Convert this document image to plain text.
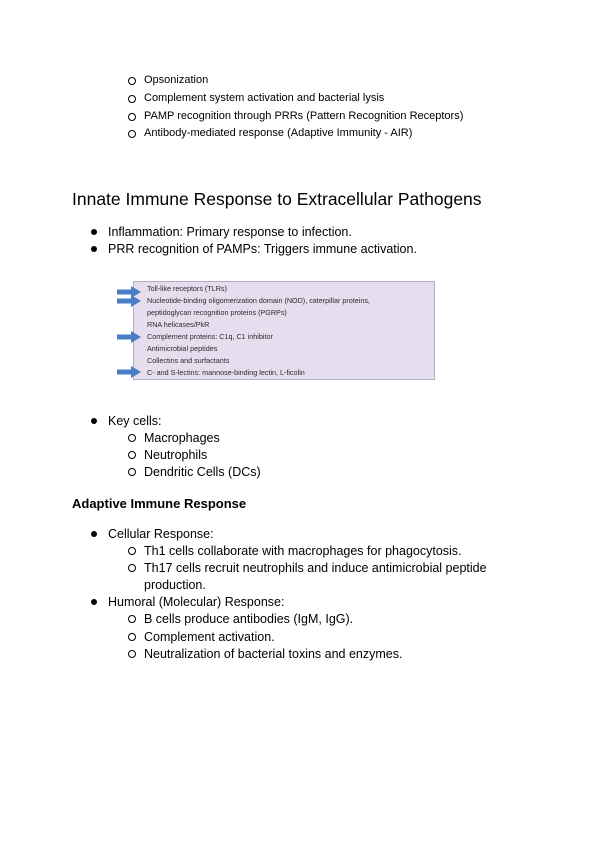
Opsonization
Complement system activation and bacterial lysis
PAMP recognition through PRRs (Pattern Recognition Receptors)
Antibody-mediated response (Adaptive Immunity - AIR)
Innate Immune Response to Extracellular Pathogens
Inflammation: Primary response to infection.
PRR recognition of PAMPs: Triggers immune activation.
Toll-like receptors (TLRs)
Nucleotide-binding oligomerization domain (NOD), caterpillar proteins,
peptidoglycan recognition proteins (PGRPs)
RNA helicases/PkR
Complement proteins: C1q, C1 inhibitor
Antimicrobial peptides
Collectins and surfactants
C- and S-lectins: mannose-binding lectin, L-ficolin
Key cells:
Macrophages
Neutrophils
Dendritic Cells (DCs)
Adaptive Immune Response
Cellular Response:
Th1 cells collaborate with macrophages for phagocytosis.
Th17 cells recruit neutrophils and induce antimicrobial peptide
production.
Humoral (Molecular) Response:
B cells produce antibodies (IgM, IgG).
Complement activation.
Neutralization of bacterial toxins and enzymes.
